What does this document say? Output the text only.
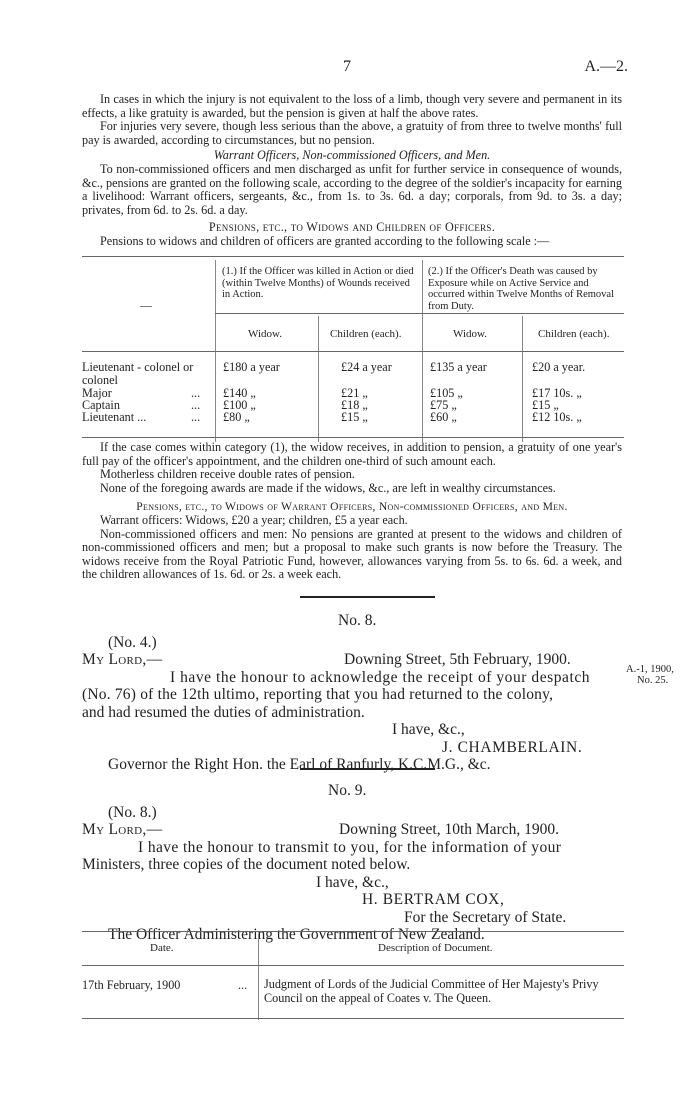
7	A.—2.

In cases in which the injury is not equivalent to the loss of a limb, though very severe and permanent in its effects, a like gratuity is awarded, but the pension is given at half the above rates.

For injuries very severe, though less serious than the above, a gratuity of from three to twelve months' full pay is awarded, according to circumstances, but no pension.

Warrant Officers, Non-commissioned Officers, and Men.

To non-commissioned officers and men discharged as unfit for further service in consequence of wounds, &c., pensions are granted on the following scale, according to the degree of the soldier's incapacity for earning a livelihood: Warrant officers, sergeants, &c., from 1s. to 3s. 6d. a day; corporals, from 9d. to 3s. a day; privates, from 6d. to 2s. 6d. a day.

Pensions, etc., to Widows and Children of Officers.

Pensions to widows and children of officers are granted according to the following scale :—

(1.) If the Officer was killed in Action or died (within Twelve Months) of Wounds received in Action.
(2.) If the Officer's Death was caused by Exposure while on Active Service and occurred within Twelve Months of Removal from Duty.
—
Widow.	Children (each).	Widow.	Children (each).
Lieutenant - colonel or colonel
£180 a year	£24 a year	£135 a year	£20 a year.
Major	... £140 „	£21 „	£105 „	£17 10s. „
Captain	... £100 „	£18 „	£75 „	£15 „
Lieutenant ...	... £80 „	£15 „	£60 „	£12 10s. „

If the case comes within category (1), the widow receives, in addition to pension, a gratuity of one year's full pay of the officer's appointment, and the children one-third of such amount each.

Motherless children receive double rates of pension.

None of the foregoing awards are made if the widows, &c., are left in wealthy circumstances.

Pensions, etc., to Widows of Warrant Officers, Non-commissioned Officers, and Men.

Warrant officers: Widows, £20 a year; children, £5 a year each.

Non-commissioned officers and men: No pensions are granted at present to the widows and children of non-commissioned officers and men; but a proposal to make such grants is now before the Treasury. The widows receive from the Royal Patriotic Fund, however, allowances varying from 5s. to 6s. 6d. a week, and the children allowances of 1s. 6d. or 2s. a week each.

No. 8.
(No. 4.)
My Lord,—	Downing Street, 5th February, 1900.
I have the honour to acknowledge the receipt of your despatch
(No. 76) of the 12th ultimo, reporting that you had returned to the colony,
and had resumed the duties of administration.
I have, &c.,
J. CHAMBERLAIN.
Governor the Right Hon. the Earl of Ranfurly, K.C.M.G., &c.
A.-1, 1900,
No. 25.
No. 9.
(No. 8.)
My Lord,—	Downing Street, 10th March, 1900.
I have the honour to transmit to you, for the information of your
Ministers, three copies of the document noted below.
I have, &c.,
H. BERTRAM COX,
For the Secretary of State.
The Officer Administering the Government of New Zealand.
Date.	Description of Document.
17th February, 1900	... Judgment of Lords of the Judicial Committee of Her Majesty's Privy Council on the appeal of Coates v. The Queen.
